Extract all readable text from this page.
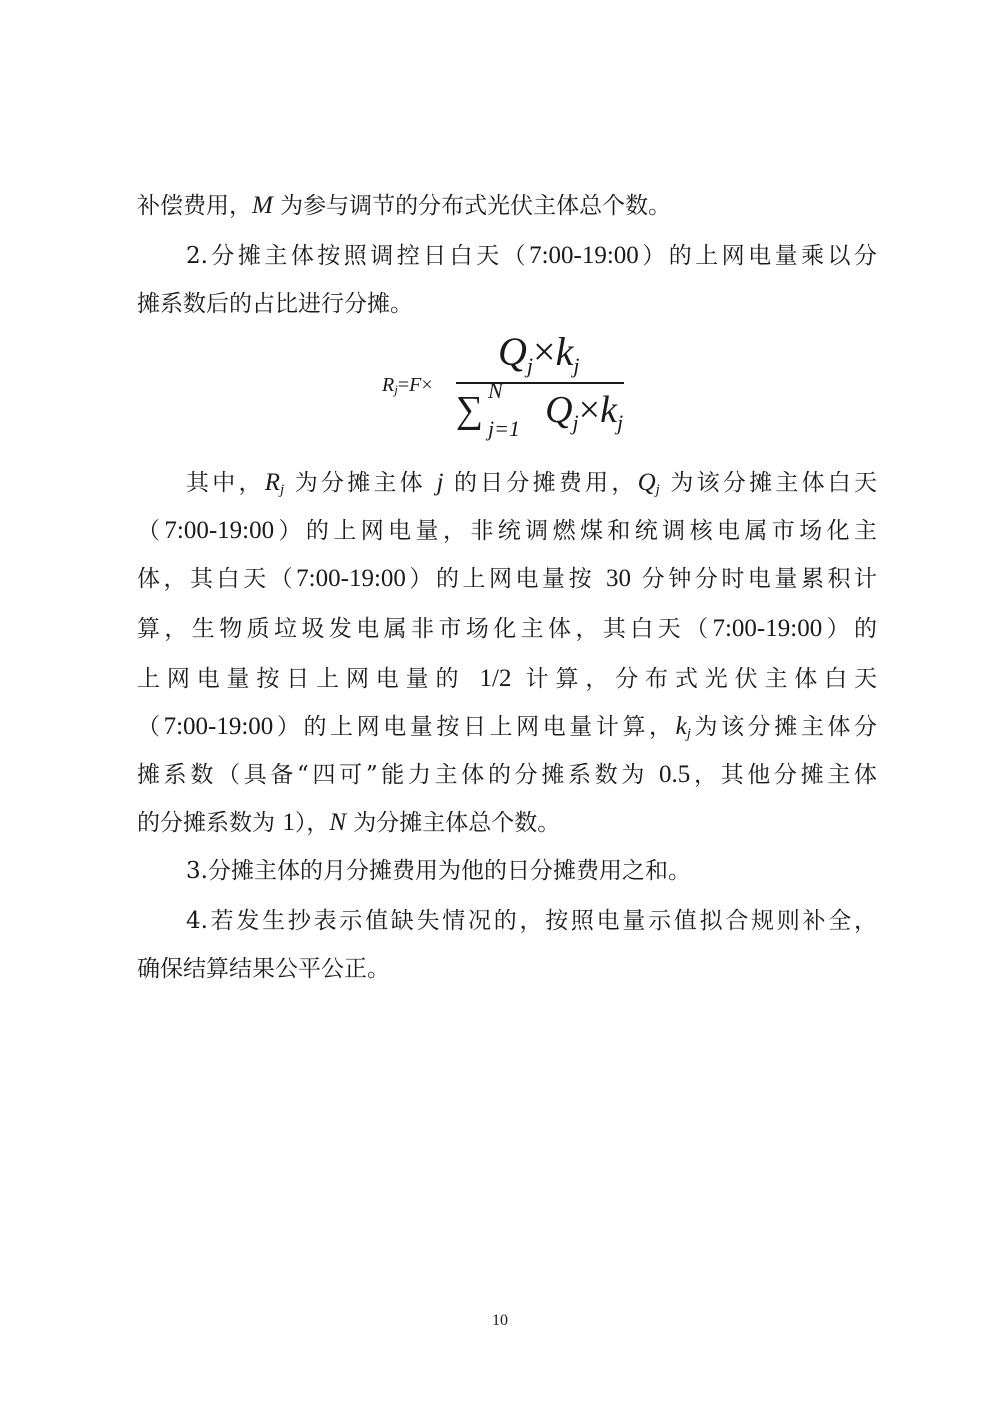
补偿费用，M 为参与调节的分布式光伏主体总个数。
2.分摊主体按照调控日白天（7:00-19:00）的上网电量乘以分
摊系数后的占比进行分摊。
$R_j=F\times$
$Q_j\times k_j$
∑ N
j=1 $Q_j\times k_j$
其中，$R_j$ 为分摊主体 j 的日分摊费用，$Q_j$ 为该分摊主体白天
（7:00-19:00）的上网电量，非统调燃煤和统调核电属市场化主
体，其白天（7:00-19:00）的上网电量按 30 分钟分时电量累积计
算，生物质垃圾发电属非市场化主体，其白天（7:00-19:00）的
上网电量按日上网电量的 1/2 计算，分布式光伏主体白天
（7:00-19:00）的上网电量按日上网电量计算，$k_j$为该分摊主体分
摊系数（具备“四可”能力主体的分摊系数为 0.5，其他分摊主体
的分摊系数为 1），N 为分摊主体总个数。
3.分摊主体的月分摊费用为他的日分摊费用之和。
4.若发生抄表示值缺失情况的，按照电量示值拟合规则补全，
确保结算结果公平公正。
10
